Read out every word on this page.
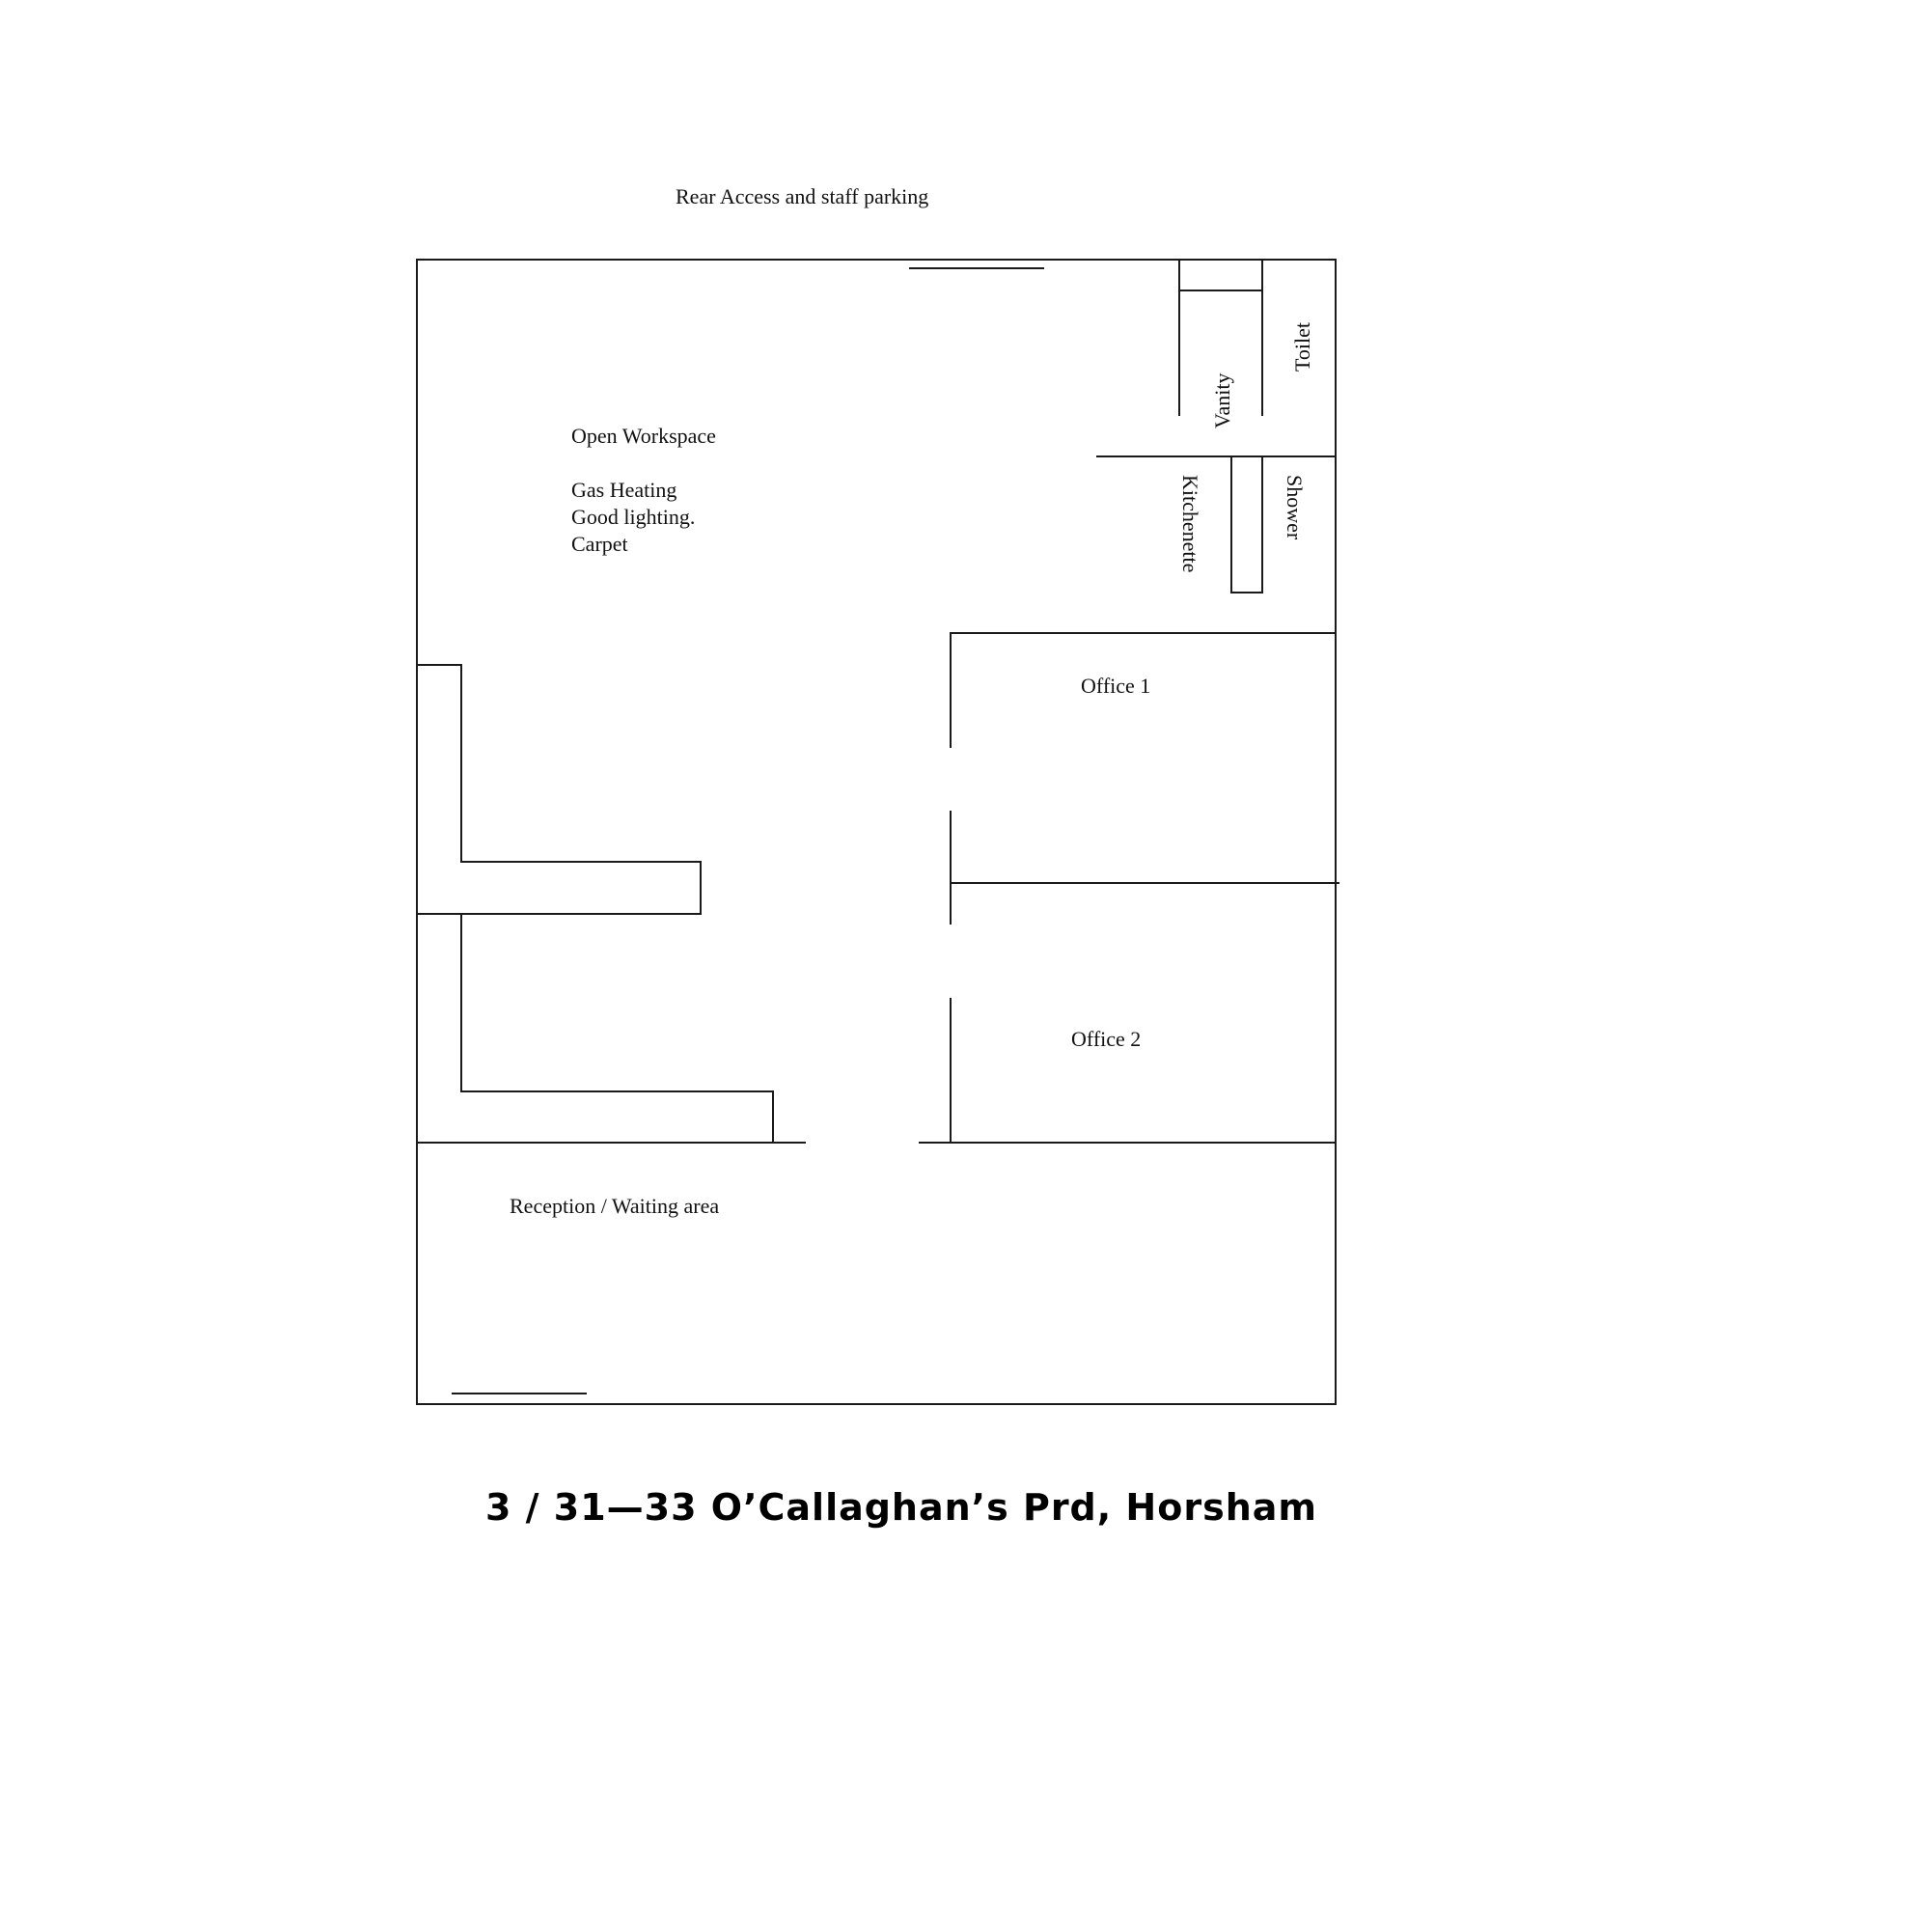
Rear Access and staff parking
Open Workspace
Gas Heating
Good lighting.
Carpet
Vanity
Toilet
Kitchenette	Shower
Office 1
Office 2
Reception / Waiting area
3 / 31—33 O’Callaghan’s Prd, Horsham
